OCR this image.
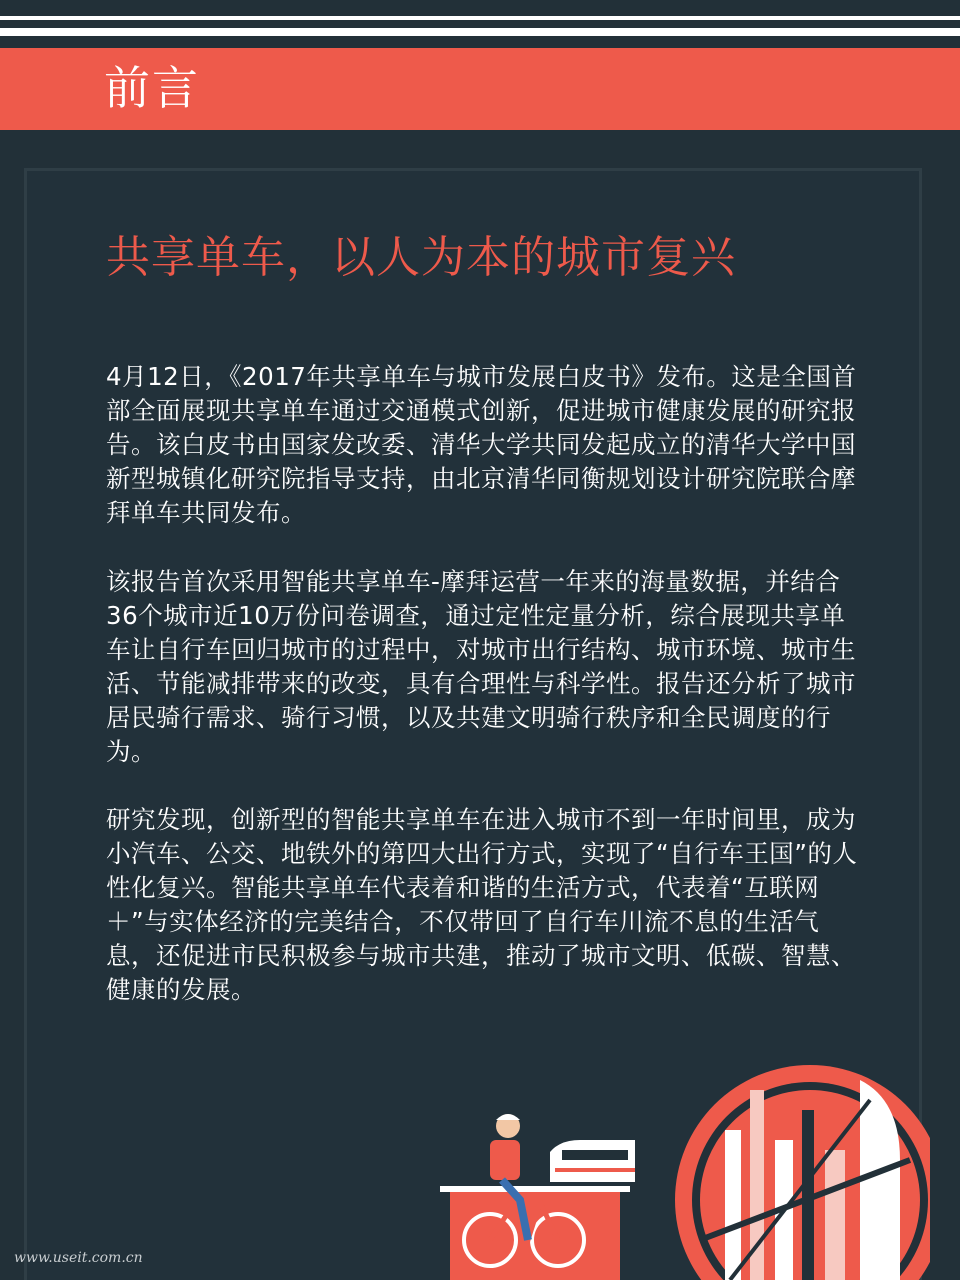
前言
共享单车，以人为本的城市复兴

4月12日，《2017年共享单车与城市发展白皮书》发布。这是全国首部全面展现共享单车通过交通模式创新，促进城市健康发展的研究报告。该白皮书由国家发改委、清华大学共同发起成立的清华大学中国新型城镇化研究院指导支持，由北京清华同衡规划设计研究院联合摩拜单车共同发布。

该报告首次采用智能共享单车-摩拜运营一年来的海量数据，并结合36个城市近10万份问卷调查，通过定性定量分析，综合展现共享单车让自行车回归城市的过程中，对城市出行结构、城市环境、城市生活、节能减排带来的改变，具有合理性与科学性。报告还分析了城市居民骑行需求、骑行习惯，以及共建文明骑行秩序和全民调度的行为。

研究发现，创新型的智能共享单车在进入城市不到一年时间里，成为小汽车、公交、地铁外的第四大出行方式，实现了“自行车王国”的人性化复兴。智能共享单车代表着和谐的生活方式，代表着“互联网＋”与实体经济的完美结合，不仅带回了自行车川流不息的生活气息，还促进市民积极参与城市共建，推动了城市文明、低碳、智慧、健康的发展。

www.useit.com.cn
